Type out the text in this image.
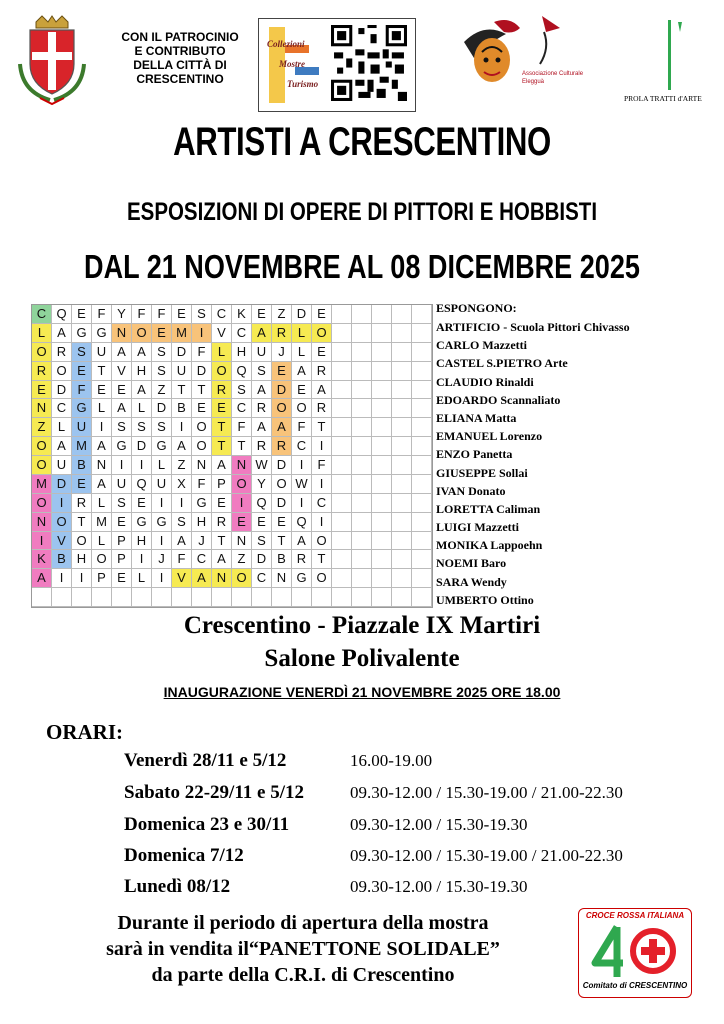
CON IL PATROCINIO
E CONTRIBUTO
DELLA CITTÀ DI
CRESCENTINO
Collezioni
Mostre
Turismo
Associazione Culturale Elegguà
PROLA TRATTI d'ARTE
ARTISTI A CRESCENTINO
ESPOSIZIONI DI OPERE DI PITTORI E HOBBISTI
DAL 21 NOVEMBRE AL 08 DICEMBRE 2025
C Q E F Y F F E S C K E Z D E
L A G G N O E M I	V C A R L O
O R S U A A S D F L H U J	L E
R O E T V H S U D O Q S E A R
E D F E E A Z T T R S A D E A
N C G L A L D B E E C R O O R
Z L U	I	S S S	I	O T F A A F T
O A M A G D G A O T T R R C	I
O U B N	I	I	L Z N A N W D	I	F
M D E A U Q U X F P O Y O W I
O	I	R L S E	I	I	G E	I	Q D	I	C
N O T M E G G S H R E E E Q	I
I	V O L P H	I	A J T N S T A O
K B H O P	I	J F C A Z D B R T
A	I	I	P E L	I	V A N O C N G O
ESPONGONO:
ARTIFICIO - Scuola Pittori Chivasso
CARLO Mazzetti
CASTEL S.PIETRO Arte
CLAUDIO Rinaldi
EDOARDO Scannaliato
ELIANA Matta
EMANUEL Lorenzo
ENZO Panetta
GIUSEPPE Sollai
IVAN Donato
LORETTA Caliman
LUIGI Mazzetti
MONIKA Lappoehn
NOEMI Baro
SARA Wendy
UMBERTO Ottino
Crescentino - Piazzale IX Martiri
Salone Polivalente
INAUGURAZIONE VENERDÌ 21 NOVEMBRE 2025 ORE 18.00
ORARI:
Venerdì 28/11 e 5/12	16.00-19.00
Sabato 22-29/11 e 5/12	09.30-12.00 / 15.30-19.00 / 21.00-22.30
Domenica 23 e 30/11	09.30-12.00 / 15.30-19.30
Domenica 7/12	09.30-12.00 / 15.30-19.00 / 21.00-22.30
Lunedì 08/12	09.30-12.00 / 15.30-19.30
Durante il periodo di apertura della mostra
sarà in vendita il“PANETTONE SOLIDALE”
da parte della C.R.I. di Crescentino
CROCE ROSSA ITALIANA
Comitato di CRESCENTINO
